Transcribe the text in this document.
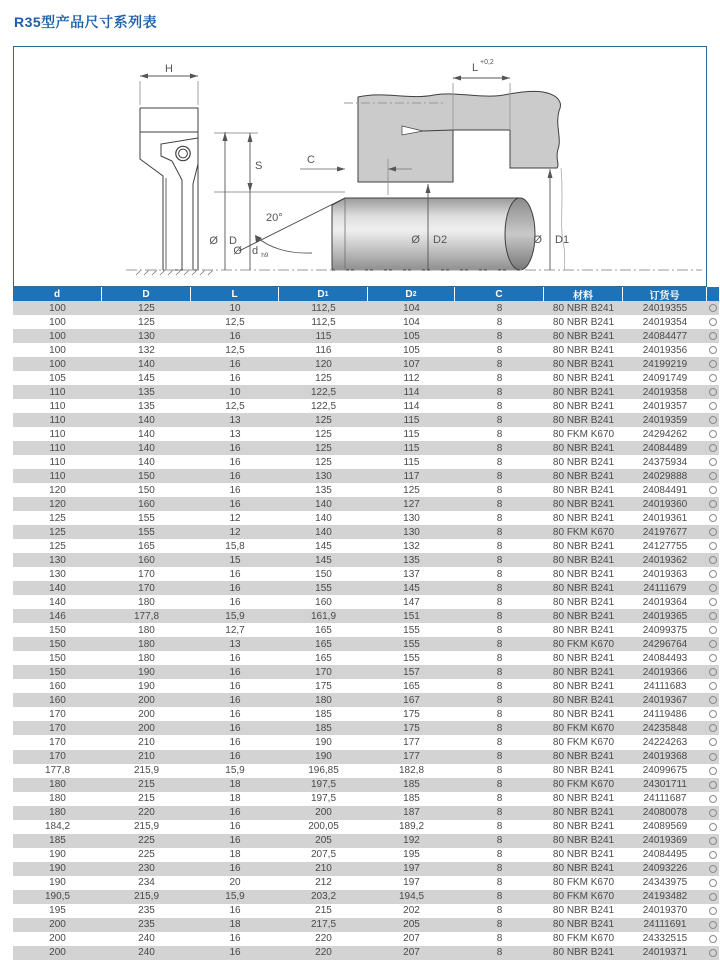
R35型产品尺寸系列表
H
Ø D
S
Ø d $_{h9}$
C
20°
L +0,2
Ø D2	Ø D1
d	D	L	D 1	D 2	C	材料	订货号
100	125	10	112,5	104	8	80 NBR B241	24019355
100	125	12,5	112,5	104	8	80 NBR B241	24019354
100	130	16	115	105	8	80 NBR B241	24084477
100	132	12,5	116	105	8	80 NBR B241	24019356
100	140	16	120	107	8	80 NBR B241	24199219
105	145	16	125	112	8	80 NBR B241	24091749
110	135	10	122,5	114	8	80 NBR B241	24019358
110	135	12,5	122,5	114	8	80 NBR B241	24019357
110	140	13	125	115	8	80 NBR B241	24019359
110	140	13	125	115	8	80 FKM K670	24294262
110	140	16	125	115	8	80 NBR B241	24084489
110	140	16	125	115	8	80 NBR B241	24375934
110	150	16	130	117	8	80 NBR B241	24029888
120	150	16	135	125	8	80 NBR B241	24084491
120	160	16	140	127	8	80 NBR B241	24019360
125	155	12	140	130	8	80 NBR B241	24019361
125	155	12	140	130	8	80 FKM K670	24197677
125	165	15,8	145	132	8	80 NBR B241	24127755
130	160	15	145	135	8	80 NBR B241	24019362
130	170	16	150	137	8	80 NBR B241	24019363
140	170	16	155	145	8	80 NBR B241	24111679
140	180	16	160	147	8	80 NBR B241	24019364
146	177,8	15,9	161,9	151	8	80 NBR B241	24019365
150	180	12,7	165	155	8	80 NBR B241	24099375
150	180	13	165	155	8	80 FKM K670	24296764
150	180	16	165	155	8	80 NBR B241	24084493
150	190	16	170	157	8	80 NBR B241	24019366
160	190	16	175	165	8	80 NBR B241	24111683
160	200	16	180	167	8	80 NBR B241	24019367
170	200	16	185	175	8	80 NBR B241	24119486
170	200	16	185	175	8	80 FKM K670	24235848
170	210	16	190	177	8	80 FKM K670	24224263
170	210	16	190	177	8	80 NBR B241	24019368
177,8	215,9	15,9	196,85	182,8	8	80 NBR B241	24099675
180	215	18	197,5	185	8	80 FKM K670	24301711
180	215	18	197,5	185	8	80 NBR B241	24111687
180	220	16	200	187	8	80 NBR B241	24080078
184,2	215,9	16	200,05	189,2	8	80 NBR B241	24089569
185	225	16	205	192	8	80 NBR B241	24019369
190	225	18	207,5	195	8	80 NBR B241	24084495
190	230	16	210	197	8	80 NBR B241	24093226
190	234	20	212	197	8	80 FKM K670	24343975
190,5	215,9	15,9	203,2	194,5	8	80 FKM K670	24193482
195	235	16	215	202	8	80 NBR B241	24019370
200	235	18	217,5	205	8	80 NBR B241	24111691
200	240	16	220	207	8	80 FKM K670	24332515
200	240	16	220	207	8	80 NBR B241	24019371
